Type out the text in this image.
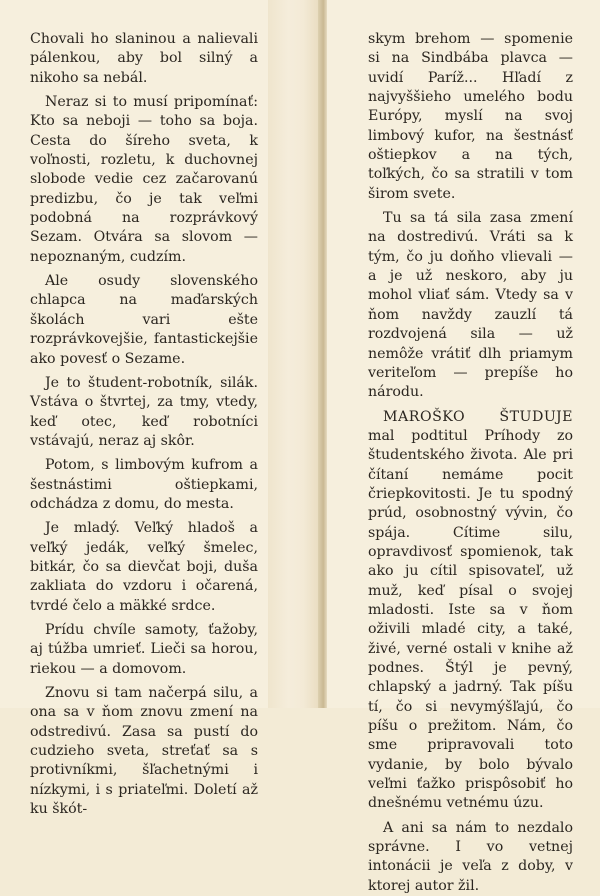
Chovali ho slaninou a nalievali pálenkou, aby bol silný a nikoho sa nebál.

Neraz si to musí pripomínať: Kto sa neboji — toho sa boja. Cesta do šíreho sveta, k voľnosti, rozletu, k duchovnej slobode vedie cez začarovanú predizbu, čo je tak veľmi podobná na rozprávkový Sezam. Otvára sa slovom — nepoznaným, cudzím.

Ale osudy slovenského chlapca na maďarských školách vari ešte rozprávkovejšie, fantastickejšie ako povesť o Sezame.

Je to študent-robotník, silák. Vstáva o štvrtej, za tmy, vtedy, keď otec, keď robotníci vstávajú, neraz aj skôr.

Potom, s limbovým kufrom a šestnástimi oštiepkami, odchádza z domu, do mesta.

Je mladý. Veľký hladoš a veľký jedák, veľký šmelec, bitkár, čo sa dievčat boji, duša zakliata do vzdoru i očarená, tvrdé čelo a mäkké srdce.

Prídu chvíle samoty, ťažoby, aj túžba umrieť. Lieči sa horou, riekou — a domovom.

Znovu si tam načerpá silu, a ona sa v ňom znovu zmení na odstredivú. Zasa sa pustí do cudzieho sveta, streťať sa s protivníkmi, šľachetnými i nízkymi, i s priateľmi. Doletí až ku škót-

skym brehom — spomenie si na Sindbába plavca — uvidí Paríž... Hľadí z najvyššieho umelého bodu Európy, myslí na svoj limbový kufor, na šestnásť oštiepkov a na tých, toľkých, čo sa stratili v tom širom svete.

Tu sa tá sila zasa zmení na dostredivú. Vráti sa k tým, čo ju doňho vlievali — a je už neskoro, aby ju mohol vliať sám. Vtedy sa v ňom navždy zauzlí tá rozdvojená sila — už nemôže vrátiť dlh priamym veriteľom — prepíše ho národu.

MAROŠKO ŠTUDUJE mal podtitul Príhody zo študentského života. Ale pri čítaní nemáme pocit čriepkovitosti. Je tu spodný prúd, osobnostný vývin, čo spája. Cítime silu, opravdivosť spomienok, tak ako ju cítil spisovateľ, už muž, keď písal o svojej mladosti. Iste sa v ňom oživili mladé city, a také, živé, verné ostali v knihe až podnes. Štýl je pevný, chlapský a jadrný. Tak píšu tí, čo si nevymýšľajú, čo píšu o prežitom. Nám, čo sme pripravovali toto vydanie, by bolo bývalo veľmi ťažko prispôsobiť ho dnešnému vetnému úzu.

A ani sa nám to nezdalo správne. I vo vetnej intonácii je veľa z doby, v ktorej autor žil.
